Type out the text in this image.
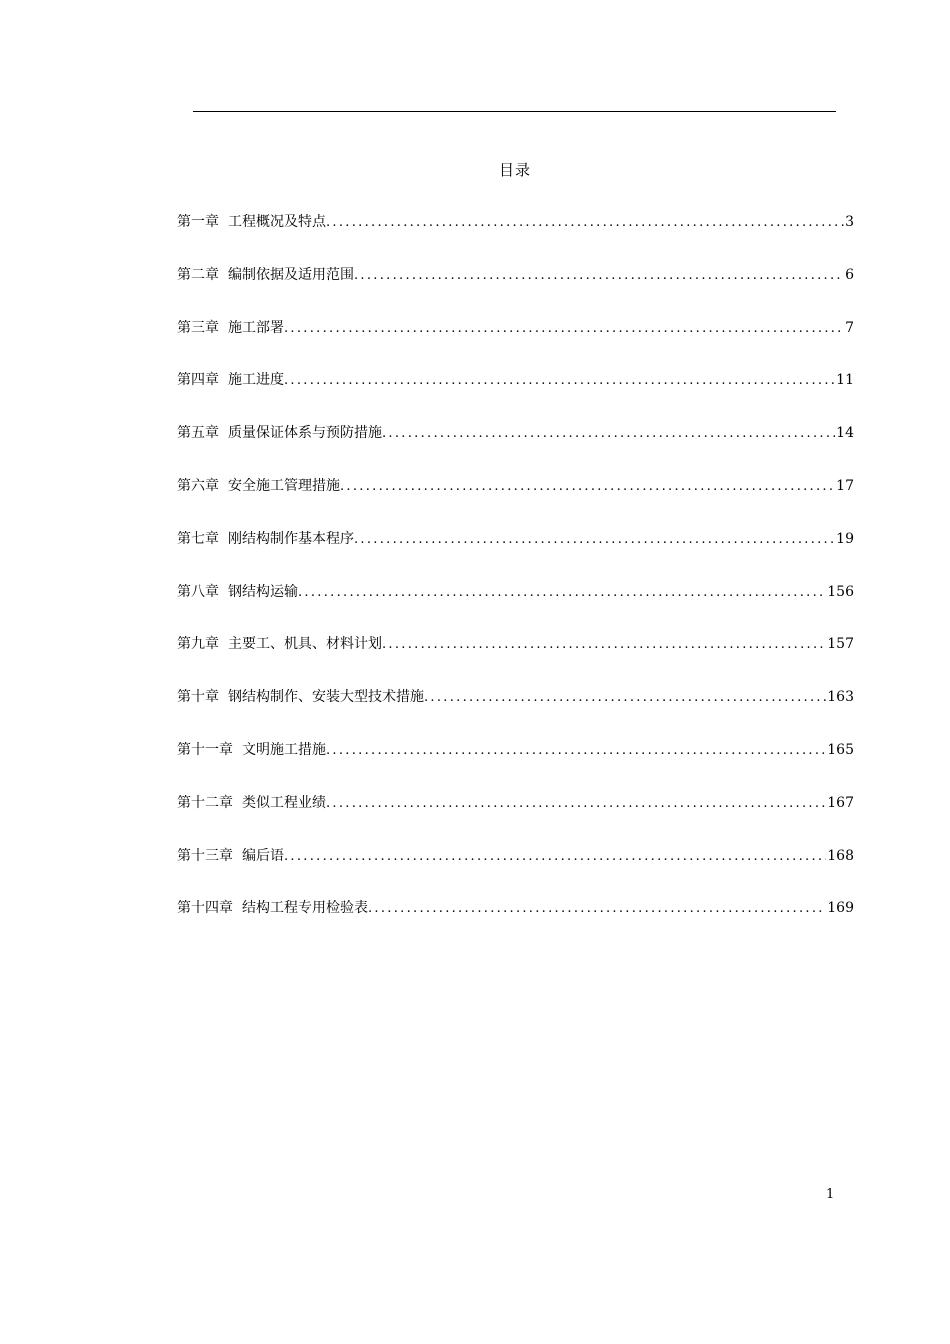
目录
第一章 工程概况及特点 .....	3
第二章 编制依据及适用范围 .....	6
第三章 施工部署 .....	7
第四章 施工进度 .....	11
第五章 质量保证体系与预防措施 .....	14
第六章 安全施工管理措施 .....	17
第七章 刚结构制作基本程序 .....	19
第八章 钢结构运输 .....	156
第九章 主要工、机具、材料计划 .....	157
第十章 钢结构制作、安装大型技术措施 .....	163
第十一章 文明施工措施 .....	165
第十二章 类似工程业绩 .....	167
第十三章 编后语 .....	168
第十四章 结构工程专用检验表 .....	169
1
